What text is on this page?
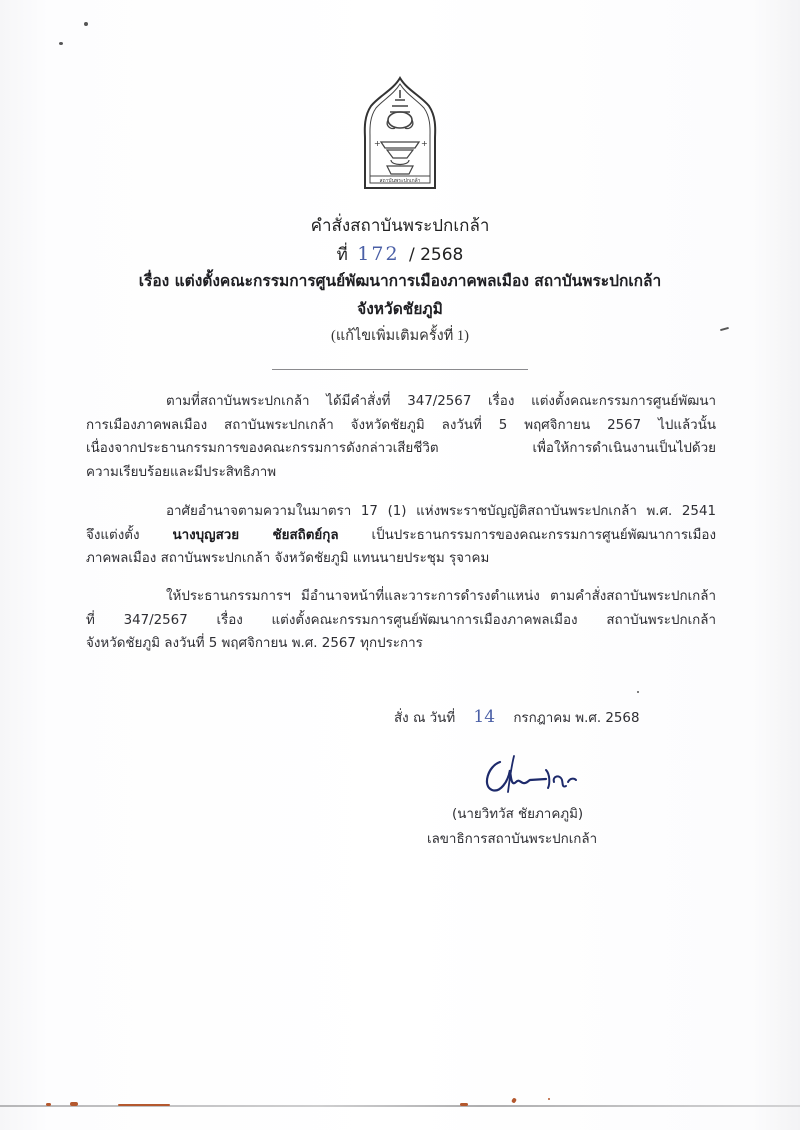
+	+
สถาบันพระปกเกล้า
คำสั่งสถาบันพระปกเกล้า
ที่ 172 / 2568
เรื่อง แต่งตั้งคณะกรรมการศูนย์พัฒนาการเมืองภาคพลเมือง สถาบันพระปกเกล้า
จังหวัดชัยภูมิ
(แก้ไขเพิ่มเติมครั้งที่ 1)
ตามที่สถาบันพระปกเกล้า ได้มีคำสั่งที่ 347/2567 เรื่อง แต่งตั้งคณะกรรมการศูนย์พัฒนา
การเมืองภาคพลเมือง สถาบันพระปกเกล้า จังหวัดชัยภูมิ ลงวันที่ 5 พฤศจิกายน 2567 ไปแล้วนั้น
เนื่องจากประธานกรรมการของคณะกรรมการดังกล่าวเสียชีวิต เพื่อให้การดำเนินงานเป็นไปด้วย
ความเรียบร้อยและมีประสิทธิภาพ
อาศัยอำนาจตามความในมาตรา 17 (1) แห่งพระราชบัญญัติสถาบันพระปกเกล้า พ.ศ. 2541
จึงแต่งตั้ง นางบุญสวย ชัยสถิตย์กุล เป็นประธานกรรมการของคณะกรรมการศูนย์พัฒนาการเมือง
ภาคพลเมือง สถาบันพระปกเกล้า จังหวัดชัยภูมิ แทนนายประชุม รุจาคม
ให้ประธานกรรมการฯ มีอำนาจหน้าที่และวาระการดำรงตำแหน่ง ตามคำสั่งสถาบันพระปกเกล้า
ที่ 347/2567 เรื่อง แต่งตั้งคณะกรรมการศูนย์พัฒนาการเมืองภาคพลเมือง สถาบันพระปกเกล้า
จังหวัดชัยภูมิ ลงวันที่ 5 พฤศจิกายน พ.ศ. 2567 ทุกประการ
สั่ง ณ วันที่ 14 กรกฎาคม พ.ศ. 2568
(นายวิทวัส ชัยภาคภูมิ)
เลขาธิการสถาบันพระปกเกล้า
